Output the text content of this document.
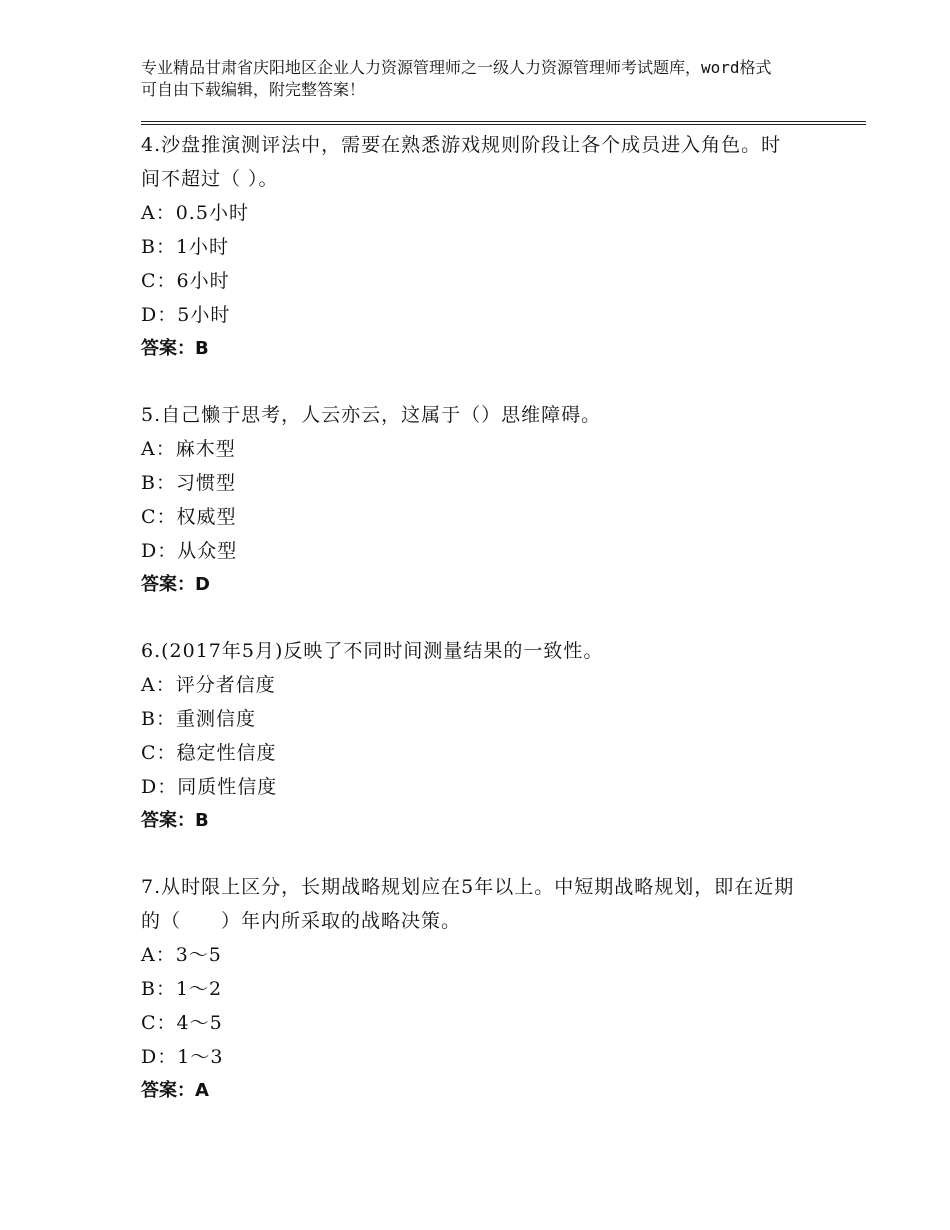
专业精品甘肃省庆阳地区企业人力资源管理师之一级人力资源管理师考试题库，word格式可自由下载编辑，附完整答案！
4.沙盘推演测评法中，需要在熟悉游戏规则阶段让各个成员进入角色。时间不超过（ ）。
A：0.5小时
B：1小时
C：6小时
D：5小时
答案：B
5.自己懒于思考，人云亦云，这属于（）思维障碍。
A：麻木型
B：习惯型
C：权威型
D：从众型
答案：D
6.(2017年5月)反映了不同时间测量结果的一致性。
A：评分者信度
B：重测信度
C：稳定性信度
D：同质性信度
答案：B
7.从时限上区分，长期战略规划应在5年以上。中短期战略规划，即在近期的（　　）年内所采取的战略决策。
A：3～5
B：1～2
C：4～5
D：1～3
答案：A
